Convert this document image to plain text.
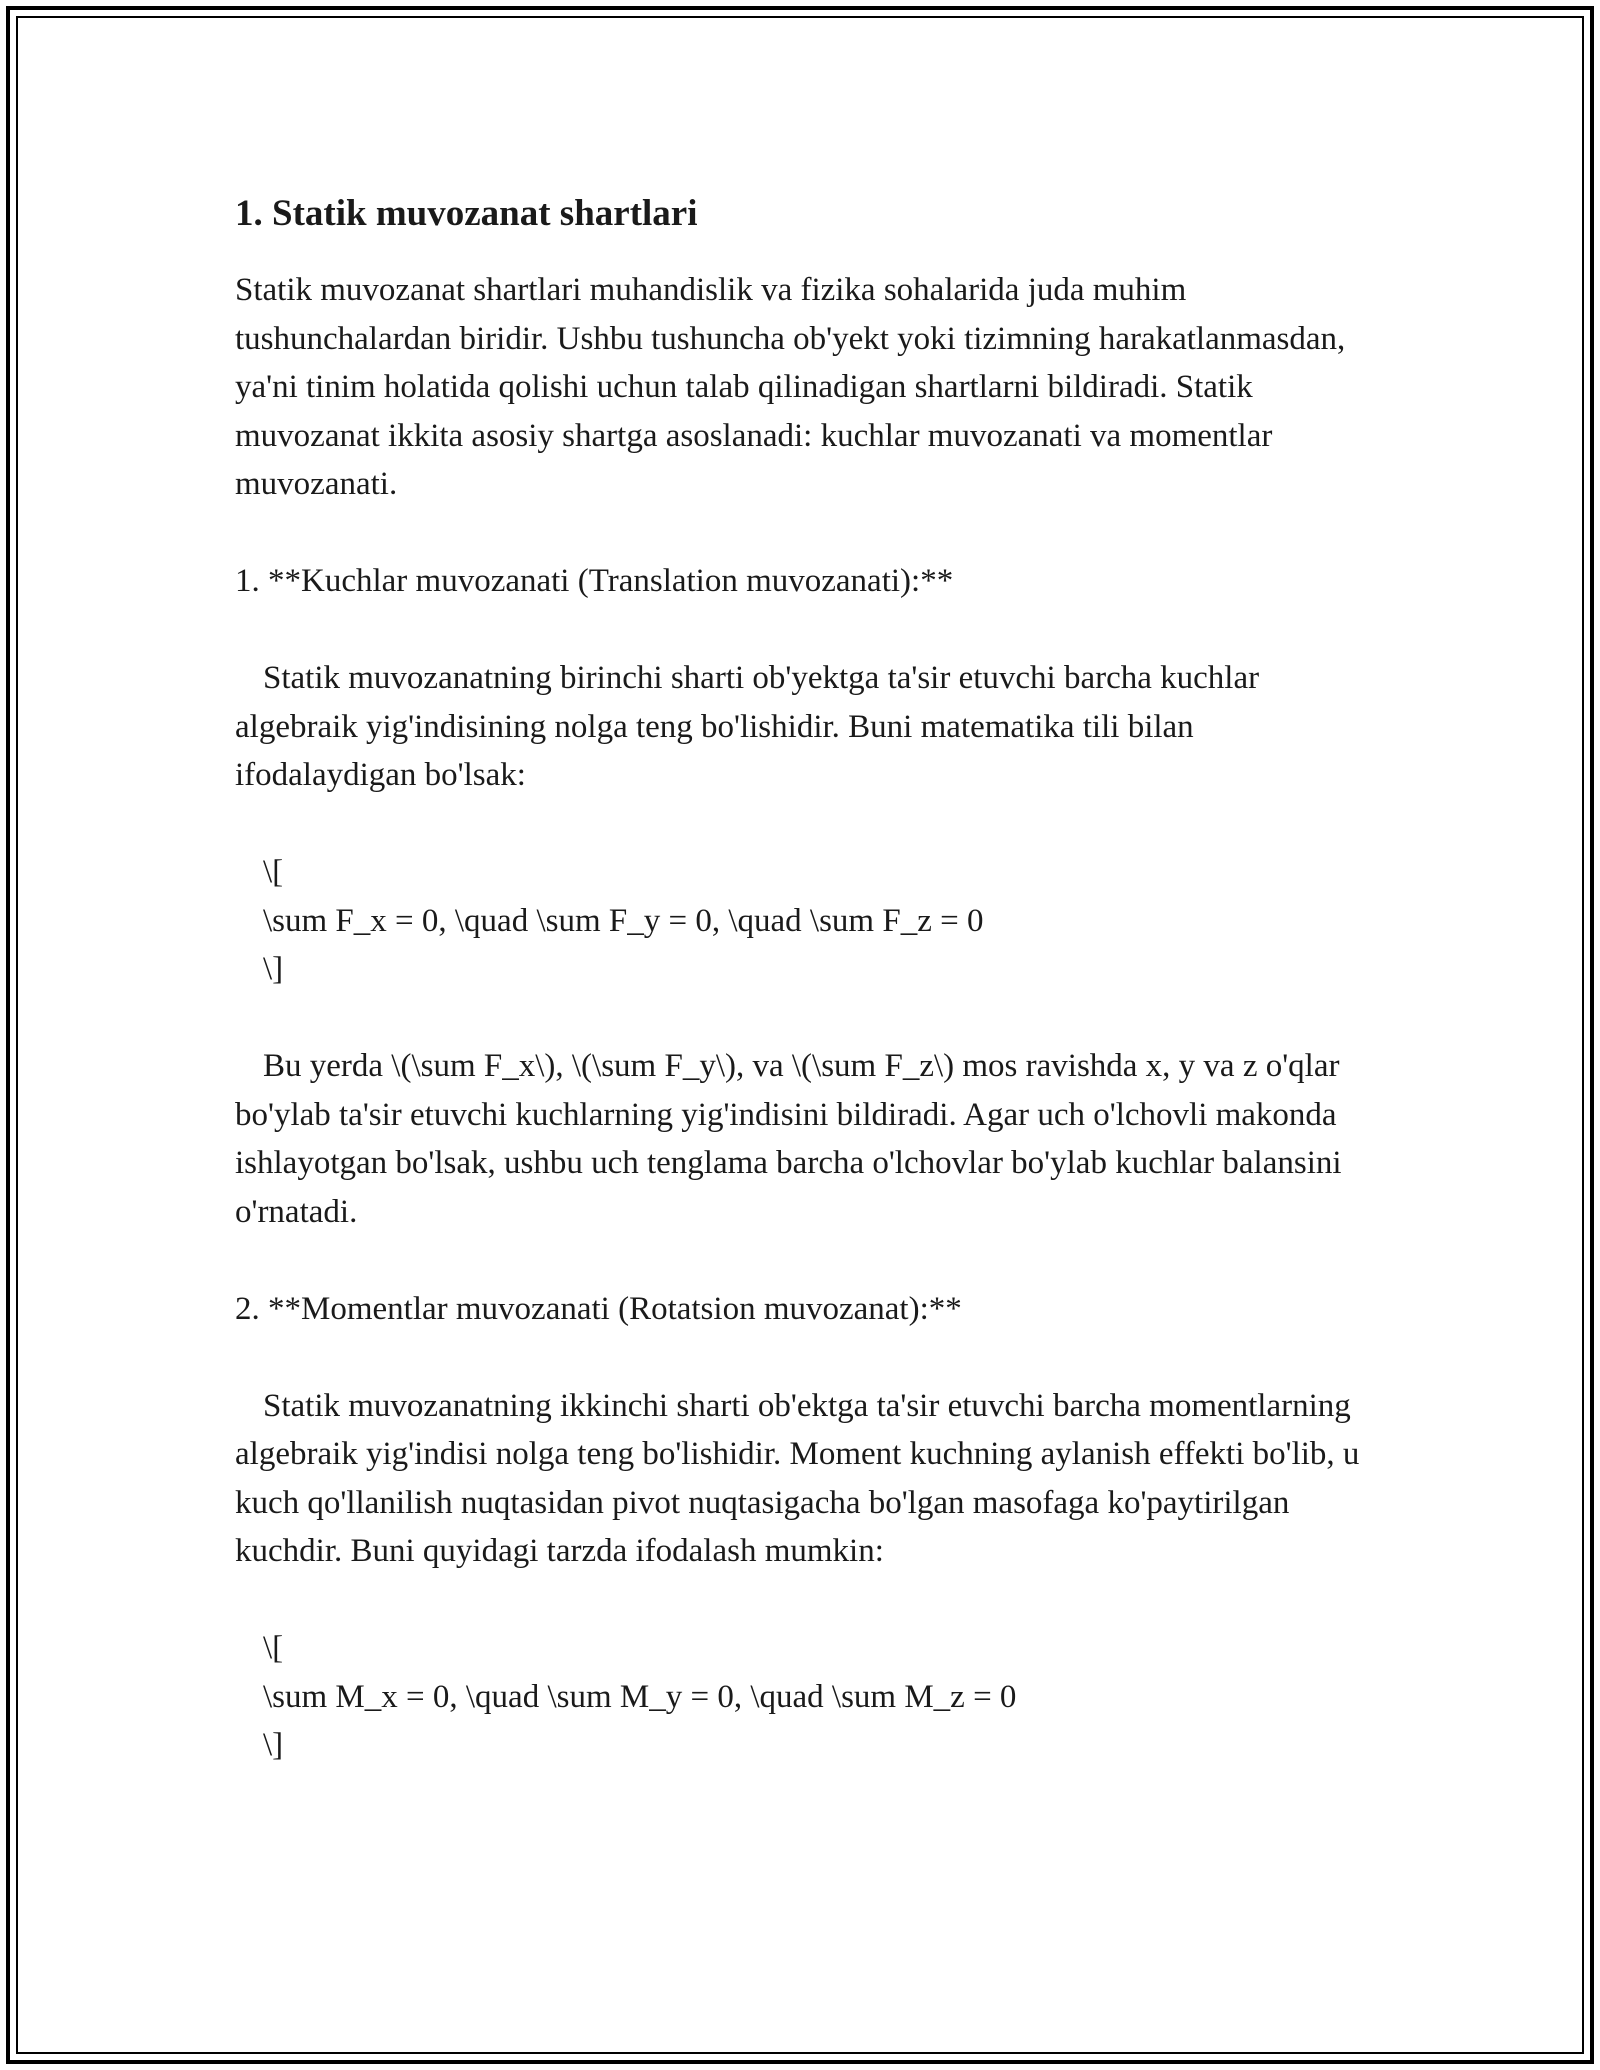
1. Statik muvozanat shartlari

Statik muvozanat shartlari muhandislik va fizika sohalarida juda muhim tushunchalardan biridir. Ushbu tushuncha ob'yekt yoki tizimning harakatlanmasdan, ya'ni tinim holatida qolishi uchun talab qilinadigan shartlarni bildiradi. Statik muvozanat ikkita asosiy shartga asoslanadi: kuchlar muvozanati va momentlar muvozanati.

1. **Kuchlar muvozanati (Translation muvozanati):**

Statik muvozanatning birinchi sharti ob'yektga ta'sir etuvchi barcha kuchlar algebraik yig'indisining nolga teng bo'lishidir. Buni matematika tili bilan ifodalaydigan bo'lsak:

\[

\sum F_x = 0, \quad \sum F_y = 0, \quad \sum F_z = 0

\]

Bu yerda \(\sum F_x\), \(\sum F_y\), va \(\sum F_z\) mos ravishda x, y va z o'qlar bo'ylab ta'sir etuvchi kuchlarning yig'indisini bildiradi. Agar uch o'lchovli makonda ishlayotgan bo'lsak, ushbu uch tenglama barcha o'lchovlar bo'ylab kuchlar balansini o'rnatadi.

2. **Momentlar muvozanati (Rotatsion muvozanat):**

Statik muvozanatning ikkinchi sharti ob'ektga ta'sir etuvchi barcha momentlarning algebraik yig'indisi nolga teng bo'lishidir. Moment kuchning aylanish effekti bo'lib, u kuch qo'llanilish nuqtasidan pivot nuqtasigacha bo'lgan masofaga ko'paytirilgan kuchdir. Buni quyidagi tarzda ifodalash mumkin:

\[

\sum M_x = 0, \quad \sum M_y = 0, \quad \sum M_z = 0

\]
